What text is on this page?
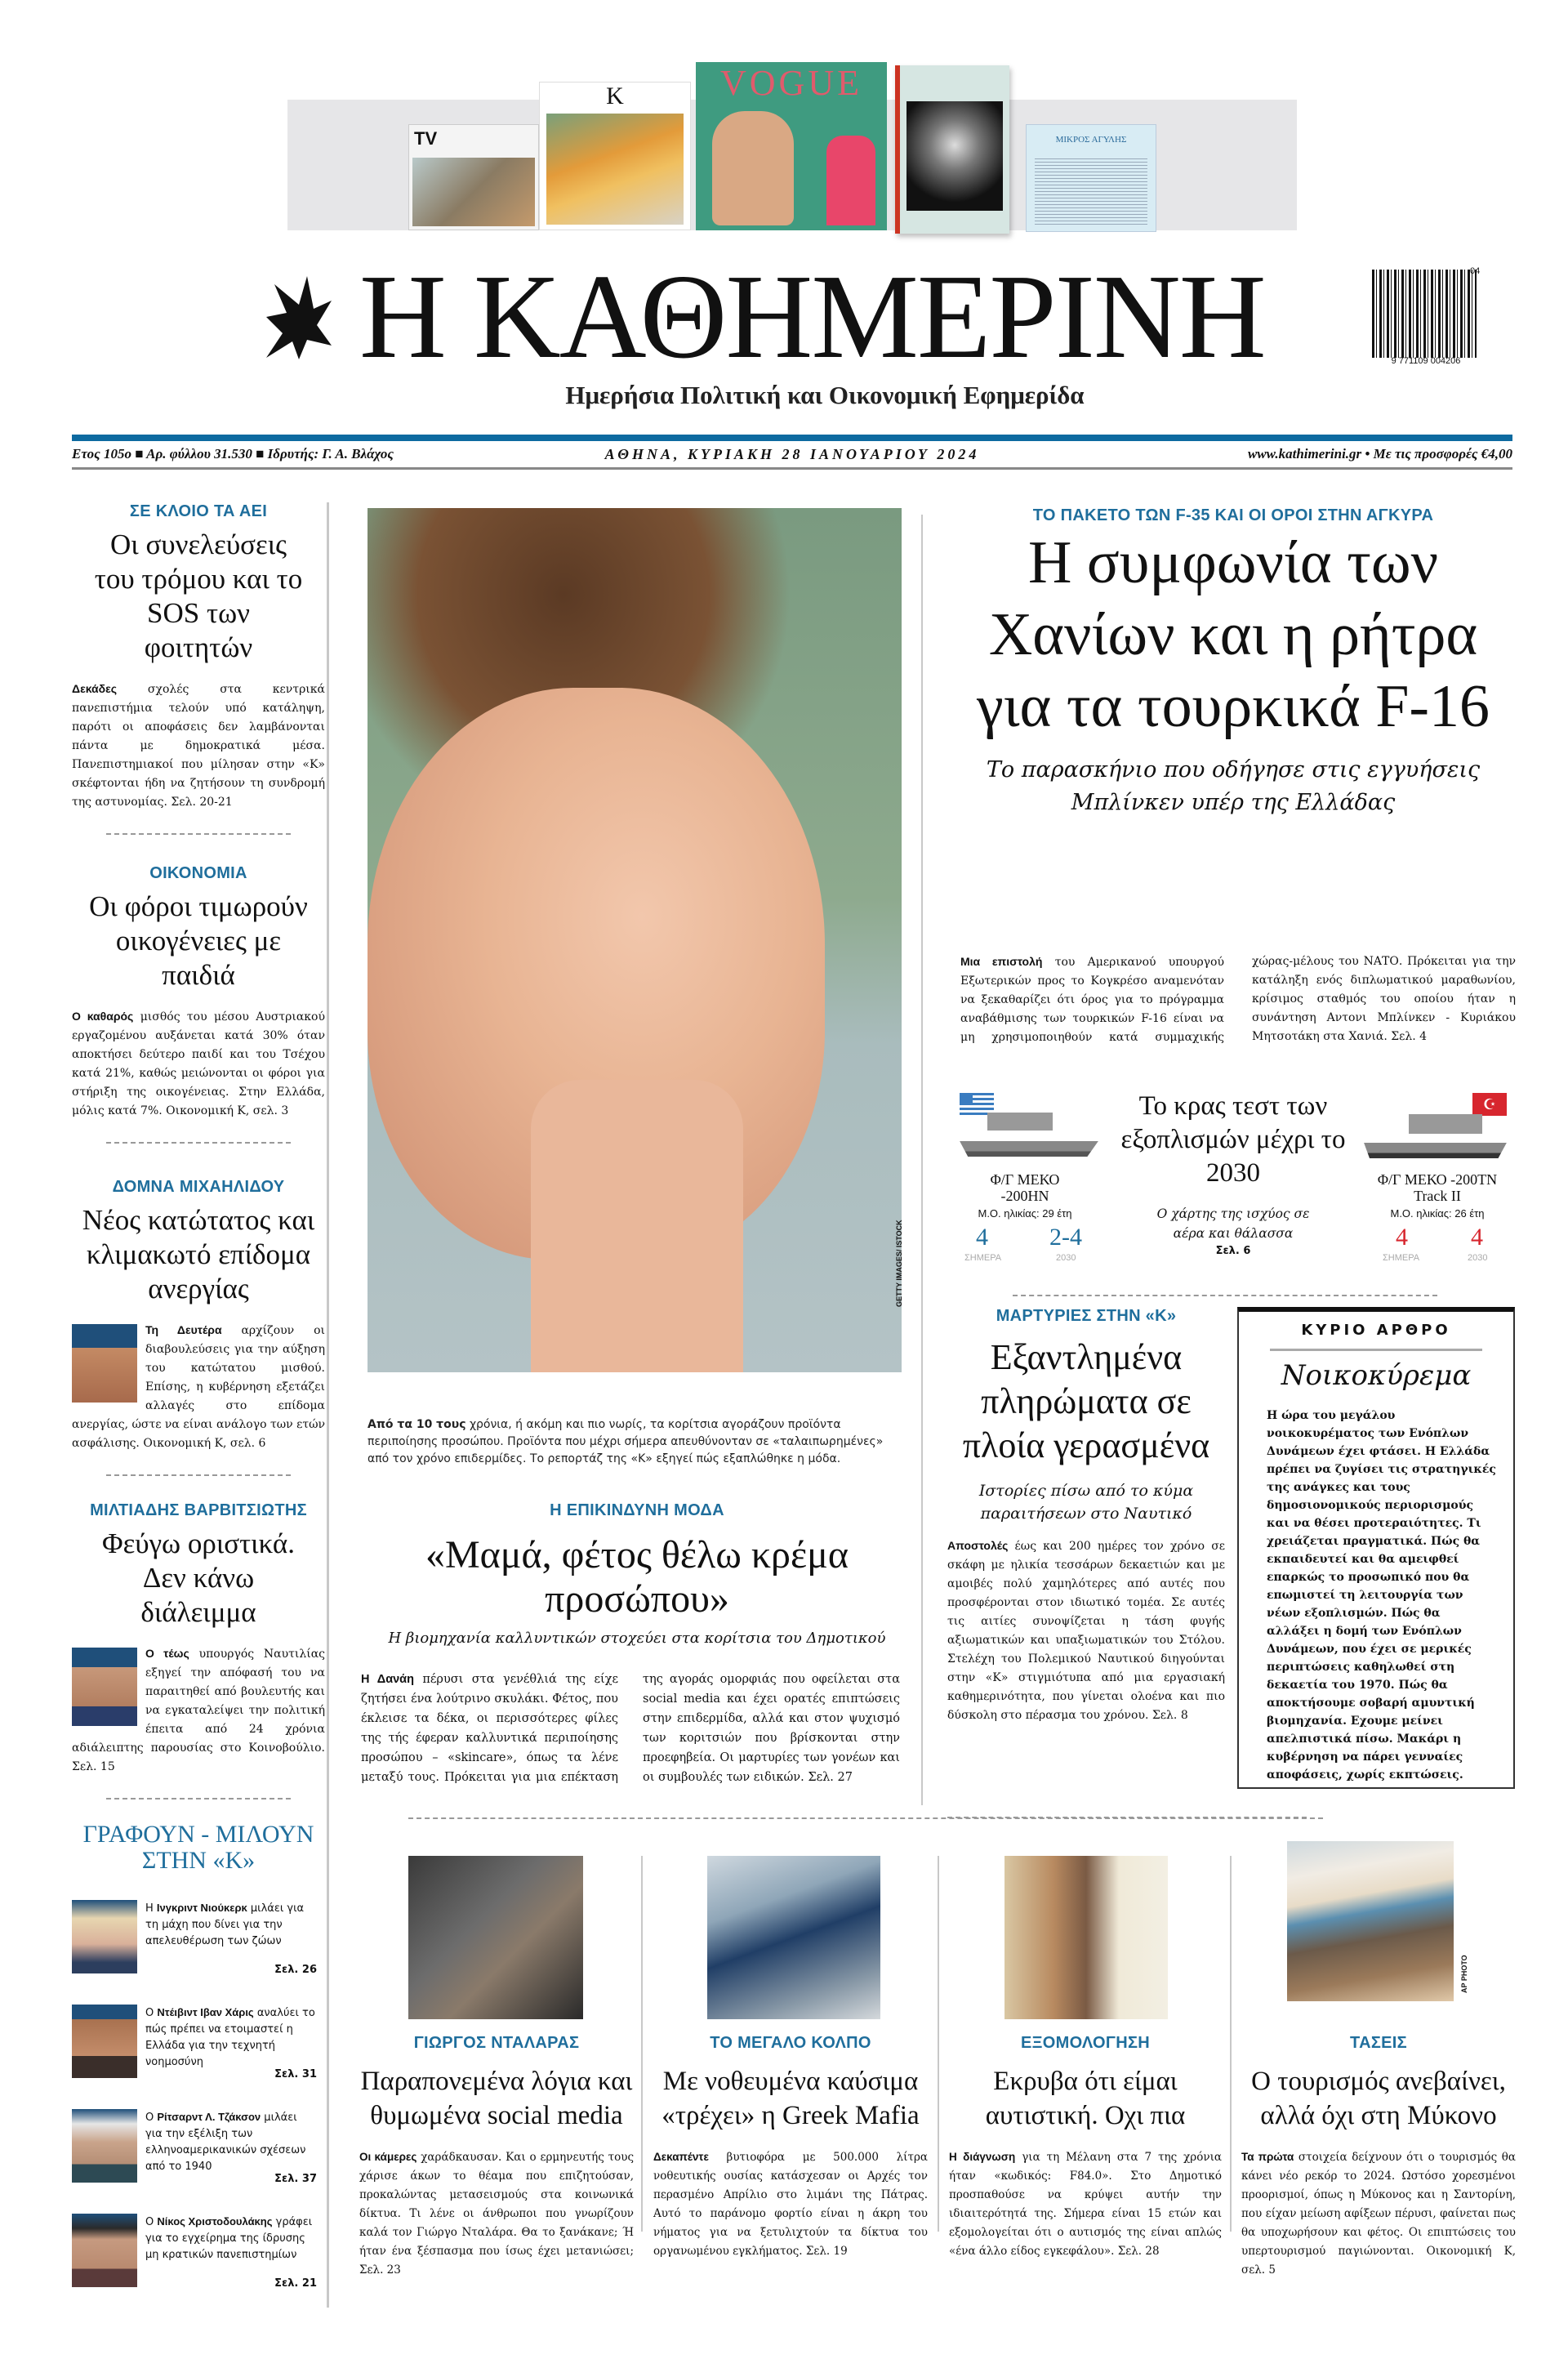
TV
K	VOGUE
ΜΙΚΡΟΣ ΑΓΥΛΗΣ
Η ΚΑΘΗΜΕΡΙΝΗ	9 771109 004206
04
Ημερήσια Πολιτική και Οικονομική Εφημερίδα
Ετος 105ο ■ Αρ. φύλλου 31.530 ■ Ιδρυτής: Γ. Α. Βλάχος	ΑΘΗΝΑ, ΚΥΡΙΑΚΗ 28 ΙΑΝΟΥΑΡΙΟΥ 2024	www.kathimerini.gr • Με τις προσφορές €4,00
ΣΕ ΚΛΟΙΟ ΤΑ ΑΕΙ
Οι συνελεύσεις του τρόμου και το SOS των φοιτητών
Δεκάδες σχολές στα κεντρικά πανεπιστήμια τελούν υπό κατάληψη, παρότι οι αποφάσεις δεν λαμβάνονται πάντα με δημοκρατικά μέσα. Πανεπιστημιακοί που μίλησαν στην «Κ» σκέφτονται ήδη να ζητήσουν τη συνδρομή της αστυνομίας. Σελ. 20-21
ΟΙΚΟΝΟΜΙΑ
Οι φόροι τιμωρούν οικογένειες με παιδιά
Ο καθαρός μισθός του μέσου Αυστριακού εργαζομένου αυξάνεται κατά 30% όταν αποκτήσει δεύτερο παιδί και του Τσέχου κατά 21%, καθώς μειώνονται οι φόροι για στήριξη της οικογένειας. Στην Ελλάδα, μόλις κατά 7%. Οικονομική Κ, σελ. 3
ΔΟΜΝΑ ΜΙΧΑΗΛΙΔΟΥ
Νέος κατώτατος και κλιμακωτό επίδομα ανεργίας
Τη Δευτέρα αρχίζουν οι διαβουλεύσεις για την αύξηση του κατώτατου μισθού. Επίσης, η κυβέρνηση εξετάζει αλλαγές στο επίδομα ανεργίας, ώστε να είναι ανάλογο των ετών ασφάλισης. Οικονομική Κ, σελ. 6
ΜΙΛΤΙΑΔΗΣ ΒΑΡΒΙΤΣΙΩΤΗΣ
Φεύγω οριστικά. Δεν κάνω διάλειμμα
Ο τέως υπουργός Ναυτιλίας εξηγεί την απόφασή του να παραιτηθεί από βουλευτής και να εγκαταλείψει την πολιτική έπειτα από 24 χρόνια αδιάλειπτης παρουσίας στο Κοινοβούλιο. Σελ. 15
ΓΡΑΦΟΥΝ - ΜΙΛΟΥΝ ΣΤΗΝ «Κ»
Η Ινγκριντ Νιούκερκ μιλάει για τη μάχη που δίνει για την απελευθέρωση των ζώων
Σελ. 26
Ο Ντέιβιντ Ιβαν Χάρις αναλύει το πώς πρέπει να ετοιμαστεί η Ελλάδα για την τεχνητή νοημοσύνη
Σελ. 31
Ο Ρίτσαρντ Λ. Τζάκσον μιλάει για την εξέλιξη των ελληνοαμερικανικών σχέσεων από το 1940
Σελ. 37
Ο Νίκος Χριστοδουλάκης γράφει για το εγχείρημα της ίδρυσης μη κρατικών πανεπιστημίων
Σελ. 21
GETTY IMAGES/ ΙSTOCK
Από τα 10 τους χρόνια, ή ακόμη και πιο νωρίς, τα κορίτσια αγοράζουν προϊόντα περιποίησης προσώπου. Προϊόντα που μέχρι σήμερα απευθύνονταν σε «ταλαιπωρημένες» από τον χρόνο επιδερμίδες. Το ρεπορτάζ της «Κ» εξηγεί πώς εξαπλώθηκε η μόδα.
Η ΕΠΙΚΙΝΔΥΝΗ ΜΟΔΑ
«Μαμά, φέτος θέλω κρέμα προσώπου»
Η βιομηχανία καλλυντικών στοχεύει στα κορίτσια του Δημοτικού
Η Δανάη πέρυσι στα γενέθλιά της είχε ζητήσει ένα λούτρινο σκυλάκι. Φέτος, που έκλεισε τα δέκα, οι περισσότερες φίλες της τής έφεραν καλλυντικά περιποίησης προσώπου – «skincare», όπως τα λένε μεταξύ τους. Πρόκειται για μια επέκταση της αγοράς ομορφιάς που οφείλεται στα social media και έχει ορατές επιπτώσεις στην επιδερμίδα, αλλά και στον ψυχισμό των κοριτσιών που βρίσκονται στην προεφηβεία. Οι μαρτυρίες των γονέων και οι συμβουλές των ειδικών. Σελ. 27
ΤΟ ΠΑΚΕΤΟ ΤΩΝ F-35 ΚΑΙ ΟΙ ΟΡΟΙ ΣΤΗΝ ΑΓΚΥΡΑ
Η συμφωνία των Χανίων και η ρήτρα για τα τουρκικά F-16
Το παρασκήνιο που οδήγησε στις εγγυήσεις Μπλίνκεν υπέρ της Ελλάδας
Μια επιστολή του Αμερικανού υπουργού Εξωτερικών προς το Κογκρέσο αναμενόταν να ξεκαθαρίζει ότι όρος για το πρόγραμμα αναβάθμισης των τουρκικών F-16 είναι να μη χρησιμοποιηθούν κατά συμμαχικής χώρας-μέλους του ΝΑΤΟ. Πρόκειται για την κατάληξη ενός διπλωματικού μαραθωνίου, κρίσιμος σταθμός του οποίου ήταν η συνάντηση Αντονι Μπλίνκεν - Κυριάκου Μητσοτάκη στα Χανιά. Σελ. 4
Φ/Γ ΜΕΚΟ -200HN
Μ.Ο. ηλικίας: 29 έτη
4	2-4
ΣΗΜΕΡΑ	2030
Το κρας τεστ των εξοπλισμών μέχρι το 2030
Ο χάρτης της ισχύος σε αέρα και θάλασσα
Σελ. 6
☪
Φ/Γ ΜΕΚΟ -200TN Track II
Μ.Ο. ηλικίας: 26 έτη
4	4
ΣΗΜΕΡΑ	2030
ΜΑΡΤΥΡΙΕΣ ΣΤΗΝ «Κ»
Εξαντλημένα πληρώματα σε πλοία γερασμένα
Ιστορίες πίσω από το κύμα παραιτήσεων στο Ναυτικό
Αποστολές έως και 200 ημέρες τον χρόνο σε σκάφη με ηλικία τεσσάρων δεκαετιών και με αμοιβές πολύ χαμηλότερες από αυτές που προσφέρονται στον ιδιωτικό τομέα. Σε αυτές τις αιτίες συνοψίζεται η τάση φυγής αξιωματικών και υπαξιωματικών του Στόλου. Στελέχη του Πολεμικού Ναυτικού διηγούνται στην «Κ» στιγμιότυπα από μια εργασιακή καθημερινότητα, που γίνεται ολοένα και πιο δύσκολη στο πέρασμα του χρόνου. Σελ. 8
ΚΥΡΙΟ ΑΡΘΡΟ
Νοικοκύρεμα
Η ώρα του μεγάλου νοικοκυρέματος των Ενόπλων Δυνάμεων έχει φτάσει. Η Ελλάδα πρέπει να ζυγίσει τις στρατηγικές της ανάγκες και τους δημοσιονομικούς περιορισμούς και να θέσει προτεραιότητες. Τι χρειάζεται πραγματικά. Πώς θα εκπαιδευτεί και θα αμειφθεί επαρκώς το προσωπικό που θα επωμιστεί τη λειτουργία των νέων εξοπλισμών. Πώς θα αλλάξει η δομή των Ενόπλων Δυνάμεων, που έχει σε μερικές περιπτώσεις καθηλωθεί στη δεκαετία του 1970. Πώς θα αποκτήσουμε σοβαρή αμυντική βιομηχανία. Εχουμε μείνει απελπιστικά πίσω. Μακάρι η κυβέρνηση να πάρει γενναίες αποφάσεις, χωρίς εκπτώσεις.
ΓΙΩΡΓΟΣ ΝΤΑΛΑΡΑΣ
Παραπονεμένα λόγια και θυμωμένα social media
Οι κάμερες χαράδκαυσαν. Και ο ερμηνευτής τους χάρισε άκων το θέαμα που επιζητούσαν, προκαλώντας μετασεισμούς στα κοινωνικά δίκτυα. Τι λένε οι άνθρωποι που γνωρίζουν καλά τον Γιώργο Νταλάρα. Θα το ξανάκανε; Ή ήταν ένα ξέσπασμα που ίσως έχει μετανιώσει; Σελ. 23
ΤΟ ΜΕΓΑΛΟ ΚΟΛΠΟ
Με νοθευμένα καύσιμα «τρέχει» η Greek Mafia
Δεκαπέντε βυτιοφόρα με 500.000 λίτρα νοθευτικής ουσίας κατάσχεσαν οι Αρχές τον περασμένο Απρίλιο στο λιμάνι της Πάτρας. Αυτό το παράνομο φορτίο είναι η άκρη του νήματος για να ξετυλιχτούν τα δίκτυα του οργανωμένου εγκλήματος. Σελ. 19
ΕΞΟΜΟΛΟΓΗΣΗ
Εκρυβα ότι είμαι αυτιστική. Οχι πια
Η διάγνωση για τη Μέλανη στα 7 της χρόνια ήταν «κωδικός: F84.0». Στο Δημοτικό προσπαθούσε να κρύψει αυτήν την ιδιαιτερότητά της. Σήμερα είναι 15 ετών και εξομολογείται ότι ο αυτισμός της είναι απλώς «ένα άλλο είδος εγκεφάλου». Σελ. 28
AP PHOTO
ΤΑΣΕΙΣ
Ο τουρισμός ανεβαίνει, αλλά όχι στη Μύκονο
Τα πρώτα στοιχεία δείχνουν ότι ο τουρισμός θα κάνει νέο ρεκόρ το 2024. Ωστόσο χορεσμένοι προορισμοί, όπως η Μύκονος και η Σαντορίνη, που είχαν μείωση αφίξεων πέρυσι, φαίνεται πως θα υποχωρήσουν και φέτος. Οι επιπτώσεις του υπερτουρισμού παγιώνονται. Οικονομική Κ, σελ. 5
